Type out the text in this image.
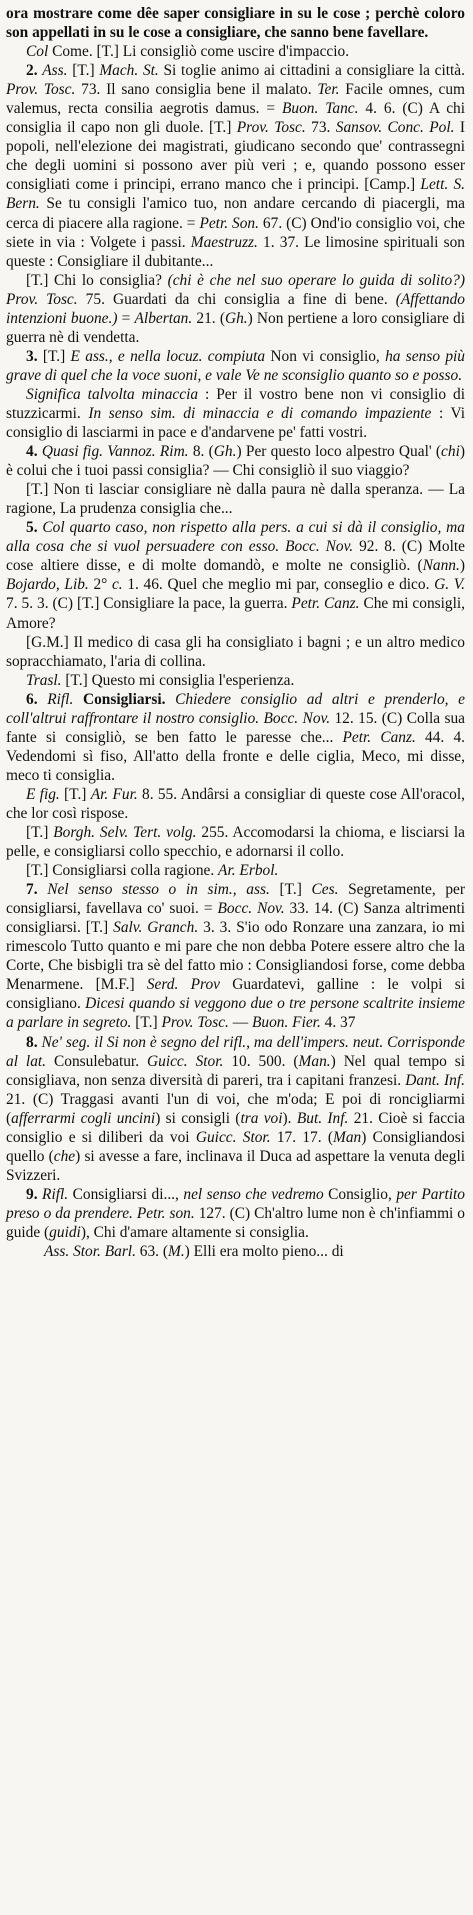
ora mostrare come dêe saper consigliare in su le cose ; perchè coloro son appellati in su le cose a consigliare, che sanno bene favellare.

Col Come. [T.] Li consigliò come uscire d'impaccio.

2. Ass. [T.] Mach. St. Si toglie animo ai cittadini a consigliare la città. Prov. Tosc. 73. Il sano consiglia bene il malato. Ter. Facile omnes, cum valemus, recta consilia aegrotis damus. = Buon. Tanc. 4. 6. (C) A chi consiglia il capo non gli duole. [T.] Prov. Tosc. 73. Sansov. Conc. Pol. I popoli, nell'elezione dei magistrati, giudicano secondo que' contrassegni che degli uomini si possono aver più veri ; e, quando possono esser consigliati come i principi, errano manco che i principi. [Camp.] Lett. S. Bern. Se tu consigli l'amico tuo, non andare cercando di piacergli, ma cerca di piacere alla ragione. = Petr. Son. 67. (C) Ond'io consiglio voi, che siete in via : Volgete i passi. Maestruzz. 1. 37. Le limosine spirituali son queste : Consigliare il dubitante...

[T.] Chi lo consiglia? (chi è che nel suo operare lo guida di solito?) Prov. Tosc. 75. Guardati da chi consiglia a fine di bene. (Affettando intenzioni buone.) = Albertan. 21. (Gh.) Non pertiene a loro consigliare di guerra nè di vendetta.

3. [T.] E ass., e nella locuz. compiuta Non vi consiglio, ha senso più grave di quel che la voce suoni, e vale Ve ne sconsiglio quanto so e posso.

Significa talvolta minaccia : Per il vostro bene non vi consiglio di stuzzicarmi. In senso sim. di minaccia e di comando impaziente : Vi consiglio di lasciarmi in pace e d'andarvene pe' fatti vostri.

4. Quasi fig. Vannoz. Rim. 8. (Gh.) Per questo loco alpestro Qual' (chi) è colui che i tuoi passi consiglia? — Chi consigliò il suo viaggio?

[T.] Non ti lasciar consigliare nè dalla paura nè dalla speranza. — La ragione, La prudenza consiglia che...

5. Col quarto caso, non rispetto alla pers. a cui si dà il consiglio, ma alla cosa che si vuol persuadere con esso. Bocc. Nov. 92. 8. (C) Molte cose altiere disse, e di molte domandò, e molte ne consigliò. (Nann.) Bojardo, Lib. 2° c. 1. 46. Quel che meglio mi par, conseglio e dico. G. V. 7. 5. 3. (C) [T.] Consigliare la pace, la guerra. Petr. Canz. Che mi consigli, Amore?

[G.M.] Il medico di casa gli ha consigliato i bagni ; e un altro medico sopracchiamato, l'aria di collina.

Trasl. [T.] Questo mi consiglia l'esperienza.

6. Rifl. Consigliarsi. Chiedere consiglio ad altri e prenderlo, e coll'altrui raffrontare il nostro consiglio. Bocc. Nov. 12. 15. (C) Colla sua fante si consigliò, se ben fatto le paresse che... Petr. Canz. 44. 4. Vedendomi sì fiso, All'atto della fronte e delle ciglia, Meco, mi disse, meco ti consiglia.

E fig. [T.] Ar. Fur. 8. 55. Andârsi a consigliar di queste cose All'oracol, che lor così rispose.

[T.] Borgh. Selv. Tert. volg. 255. Accomodarsi la chioma, e lisciarsi la pelle, e consigliarsi collo specchio, e adornarsi il collo.

[T.] Consigliarsi colla ragione. Ar. Erbol.

7. Nel senso stesso o in sim., ass. [T.] Ces. Segretamente, per consigliarsi, favellava co' suoi. = Bocc. Nov. 33. 14. (C) Sanza altrimenti consigliarsi. [T.] Salv. Granch. 3. 3. S'io odo Ronzare una zanzara, io mi rimescolo Tutto quanto e mi pare che non debba Potere essere altro che la Corte, Che bisbigli tra sè del fatto mio : Consigliandosi forse, come debba Menarmene. [M.F.] Serd. Prov Guardatevi, galline : le volpi si consigliano. Dicesi quando si veggono due o tre persone scaltrite insieme a parlare in segreto. [T.] Prov. Tosc. — Buon. Fier. 4. 37

8. Ne' seg. il Si non è segno del rifl., ma dell'impers. neut. Corrisponde al lat. Consulebatur. Guicc. Stor. 10. 500. (Man.) Nel qual tempo si consigliava, non senza diversità di pareri, tra i capitani franzesi. Dant. Inf. 21. (C) Traggasi avanti l'un di voi, che m'oda; E poi di roncigliarmi (afferrarmi cogli uncini) si consigli (tra voi). But. Inf. 21. Cioè si faccia consiglio e si diliberi da voi Guicc. Stor. 17. 17. (Man) Consigliandosi quello (che) si avesse a fare, inclinava il Duca ad aspettare la venuta degli Svizzeri.

9. Rifl. Consigliarsi di..., nel senso che vedremo Consiglio, per Partito preso o da prendere. Petr. son. 127. (C) Ch'altro lume non è ch'infiammi o guide (guidi), Chi d'amare altamente si consiglia.

Ass. Stor. Barl. 63. (M.) Elli era molto pieno... di
